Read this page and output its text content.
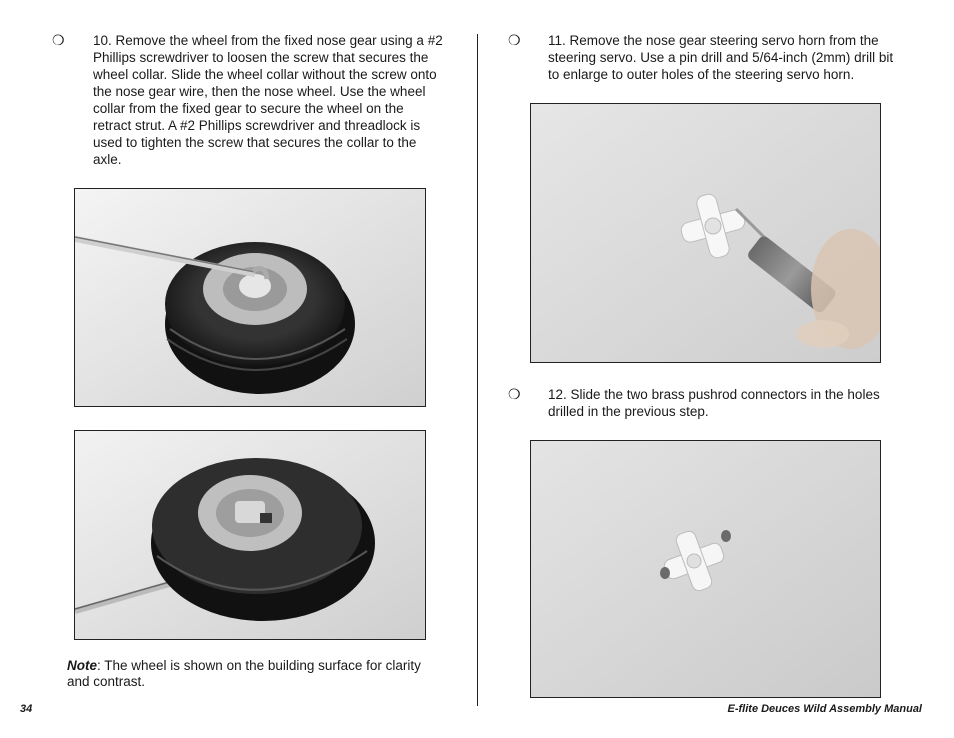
❍ 10. Remove the wheel from the fixed nose gear using a #2 Phillips screwdriver to loosen the screw that secures the wheel collar. Slide the wheel collar without the screw onto the nose gear wire, then the nose wheel. Use the wheel collar from the fixed gear to secure the wheel on the retract strut. A #2 Phillips screwdriver and threadlock is used to tighten the screw that secures the collar to the axle.
Note: The wheel is shown on the building surface for clarity and contrast.
34
❍ 11. Remove the nose gear steering servo horn from the steering servo. Use a pin drill and 5/64-inch (2mm) drill bit to enlarge to outer holes of the steering servo horn.
❍ 12. Slide the two brass pushrod connectors in the holes drilled in the previous step.
E-flite Deuces Wild Assembly Manual
